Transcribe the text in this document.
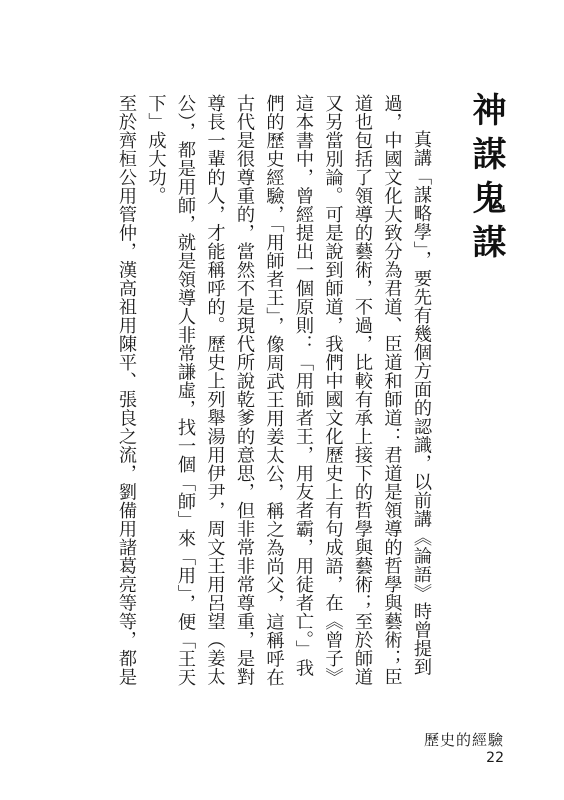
神謀鬼謀

真講「謀略學」，要先有幾個方面的認識，以前講《論語》時曾提到過，中國文化大致分為君道、臣道和師道：君道是領導的哲學與藝術；臣道也包括了領導的藝術，不過，比較有承上接下的哲學與藝術；至於師道又另當別論。可是說到師道，我們中國文化歷史上有句成語，在《曾子》這本書中，曾經提出一個原則：「用師者王，用友者霸，用徒者亡。」我們的歷史經驗，「用師者王」，像周武王用姜太公，稱之為尚父，這稱呼在古代是很尊重的，當然不是現代所說乾爹的意思，但非常非常尊重，是對尊長一輩的人，才能稱呼的。歷史上列舉湯用伊尹，周文王用呂望（姜太公），都是用師，就是領導人非常謙虛，找一個「師」來「用」，便「王天下」成大功。

至於齊桓公用管仲，漢高祖用陳平、張良之流，劉備用諸葛亮等等，都是

歷史的經驗
22
